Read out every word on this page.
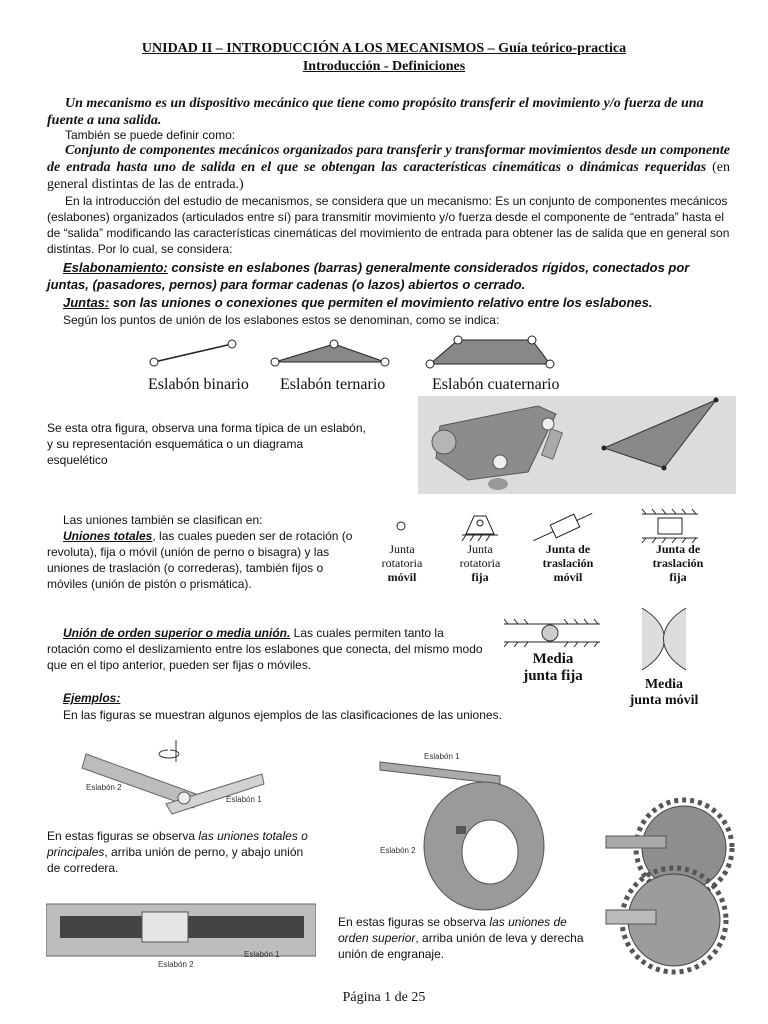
UNIDAD II – INTRODUCCIÓN A LOS MECANISMOS – Guía teórico-practica
Introducción - Definiciones
Un mecanismo es un dispositivo mecánico que tiene como propósito transferir el movimiento y/o fuerza de una fuente a una salida.
También se puede definir como:
Conjunto de componentes mecánicos organizados para transferir y transformar movimientos desde un componente de entrada hasta uno de salida en el que se obtengan las características cinemáticas o dinámicas requeridas (en general distintas de las de entrada.)
En la introducción del estudio de mecanismos, se considera que un mecanismo: Es un conjunto de componentes mecánicos (eslabones) organizados (articulados entre sí) para transmitir movimiento y/o fuerza desde el componente de “entrada” hasta el de “salida” modificando las características cinemáticas del movimiento de entrada para obtener las de salida que en general son distintas. Por lo cual, se considera:
Eslabonamiento: consiste en eslabones (barras) generalmente considerados rígidos, conectados por juntas, (pasadores, pernos) para formar cadenas (o lazos) abiertos o cerrado.
Juntas: son las uniones o conexiones que permiten el movimiento relativo entre los eslabones.
Según los puntos de unión de los eslabones estos se denominan, como se indica:
Eslabón binario Eslabón ternario	Eslabón cuaternario
Se esta otra figura, observa una forma típica de un eslabón, y su representación esquemática o un diagrama esquelético
Las uniones también se clasifican en:
Uniones totales, las cuales pueden ser de rotación (o revoluta), fija o móvil (unión de perno o bisagra) y las uniones de traslación (o correderas), también fijos o móviles (unión de pistón o prismática).
Junta
rotatoria
móvil
Junta
rotatoria
fija
Junta de
traslación
móvil
Junta de
traslación
fija
Unión de orden superior o media unión. Las cuales permiten tanto la rotación como el deslizamiento entre los eslabones que conecta, del mismo modo que en el tipo anterior, pueden ser fijas o móviles.	Media
junta fija
Media
junta móvil
Ejemplos:
En las figuras se muestran algunos ejemplos de las clasificaciones de las uniones.
Eslabón 2
Eslabón 1
En estas figuras se observa las uniones totales o principales, arriba unión de perno, y abajo unión de corredera.
Eslabón 2
Eslabón 1
Eslabón 1
Eslabón 2
En estas figuras se observa las uniones de orden superior, arriba unión de leva y derecha unión de engranaje.
Página 1 de 25
